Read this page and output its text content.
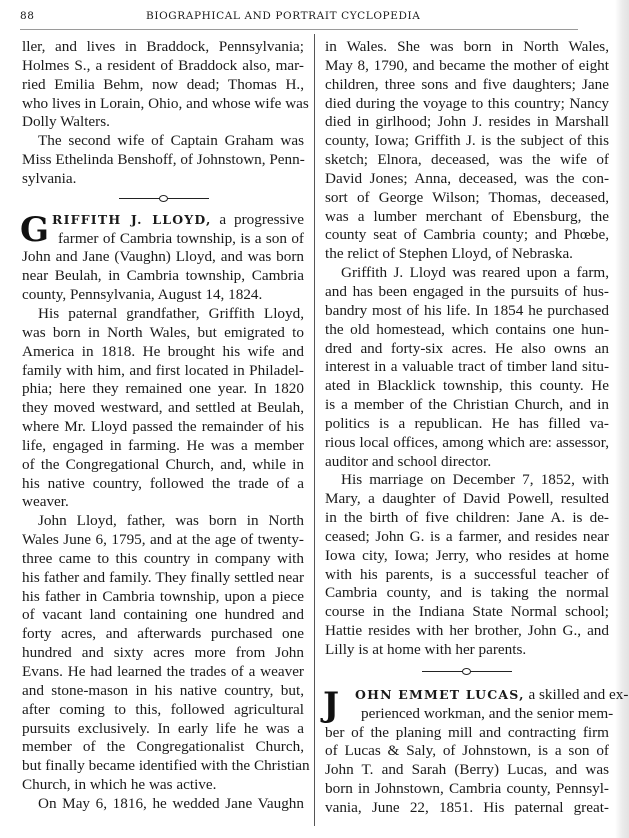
88	BIOGRAPHICAL AND PORTRAIT CYCLOPEDIA
ller, and lives in Braddock, Pennsylvania;
Holmes S., a resident of Braddock also, mar-
ried Emilia Behm, now dead; Thomas H.,
who lives in Lorain, Ohio, and whose wife was
Dolly Walters.
The second wife of Captain Graham was
Miss Ethelinda Benshoff, of Johnstown, Penn-
sylvania.
G RIFFITH J. LLOYD, a progressive
farmer of Cambria township, is a son of
John and Jane (Vaughn) Lloyd, and was born
near Beulah, in Cambria township, Cambria
county, Pennsylvania, August 14, 1824.
His paternal grandfather, Griffith Lloyd,
was born in North Wales, but emigrated to
America in 1818. He brought his wife and
family with him, and first located in Philadel-
phia; here they remained one year. In 1820
they moved westward, and settled at Beulah,
where Mr. Lloyd passed the remainder of his
life, engaged in farming. He was a member
of the Congregational Church, and, while in
his native country, followed the trade of a
weaver.
John Lloyd, father, was born in North
Wales June 6, 1795, and at the age of twenty-
three came to this country in company with
his father and family. They finally settled near
his father in Cambria township, upon a piece
of vacant land containing one hundred and
forty acres, and afterwards purchased one
hundred and sixty acres more from John
Evans. He had learned the trades of a weaver
and stone-mason in his native country, but,
after coming to this, followed agricultural
pursuits exclusively. In early life he was a
member of the Congregationalist Church,
but finally became identified with the Christian
Church, in which he was active.
On May 6, 1816, he wedded Jane Vaughn
in Wales. She was born in North Wales,
May 8, 1790, and became the mother of eight
children, three sons and five daughters; Jane
died during the voyage to this country; Nancy
died in girlhood; John J. resides in Marshall
county, Iowa; Griffith J. is the subject of this
sketch; Elnora, deceased, was the wife of
David Jones; Anna, deceased, was the con-
sort of George Wilson; Thomas, deceased,
was a lumber merchant of Ebensburg, the
county seat of Cambria county; and Phœbe,
the relict of Stephen Lloyd, of Nebraska.
Griffith J. Lloyd was reared upon a farm,
and has been engaged in the pursuits of hus-
bandry most of his life. In 1854 he purchased
the old homestead, which contains one hun-
dred and forty-six acres. He also owns an
interest in a valuable tract of timber land situ-
ated in Blacklick township, this county. He
is a member of the Christian Church, and in
politics is a republican. He has filled va-
rious local offices, among which are: assessor,
auditor and school director.
His marriage on December 7, 1852, with
Mary, a daughter of David Powell, resulted
in the birth of five children: Jane A. is de-
ceased; John G. is a farmer, and resides near
Iowa city, Iowa; Jerry, who resides at home
with his parents, is a successful teacher of
Cambria county, and is taking the normal
course in the Indiana State Normal school;
Hattie resides with her brother, John G., and
Lilly is at home with her parents.
J	OHN EMMET LUCAS, a skilled and ex-
perienced workman, and the senior mem-
ber of the planing mill and contracting firm
of Lucas & Saly, of Johnstown, is a son of
John T. and Sarah (Berry) Lucas, and was
born in Johnstown, Cambria county, Pennsyl-
vania, June 22, 1851. His paternal great-
